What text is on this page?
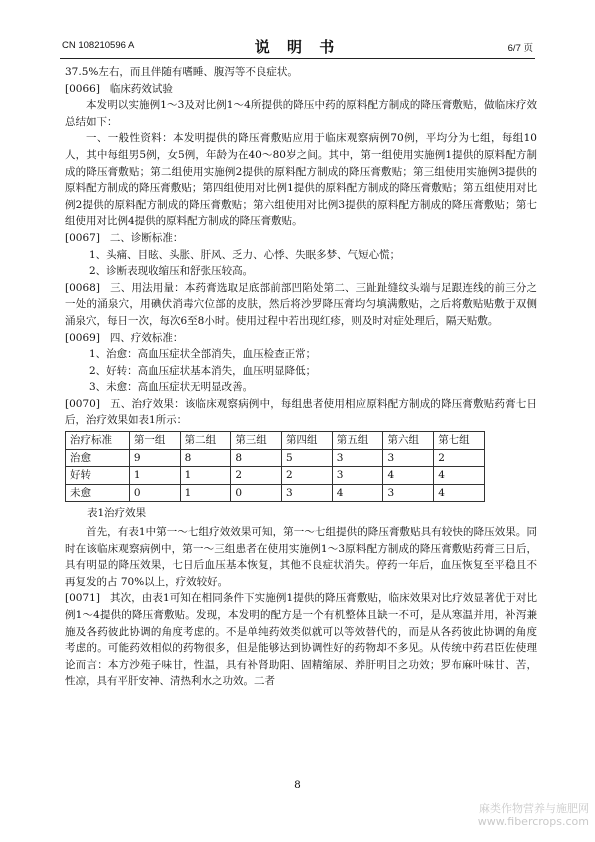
CN 108210596 A	说 明 书	6/7 页

37.5%左右，而且伴随有嗜睡、腹泻等不良症状。

[0066] 临床药效试验

本发明以实施例1～3及对比例1～4所提供的降压中药的原料配方制成的降压膏敷贴，做临床疗效总结如下：

一、一般性资料：本发明提供的降压膏敷贴应用于临床观察病例70例，平均分为七组，每组10人，其中每组男5例，女5例，年龄为在40～80岁之间。其中，第一组使用实施例1提供的原料配方制成的降压膏敷贴；第二组使用实施例2提供的原料配方制成的降压膏敷贴；第三组使用实施例3提供的原料配方制成的降压膏敷贴；第四组使用对比例1提供的原料配方制成的降压膏敷贴；第五组使用对比例2提供的原料配方制成的降压膏敷贴；第六组使用对比例3提供的原料配方制成的降压膏敷贴；第七组使用对比例4提供的原料配方制成的降压膏敷贴。

[0067] 二、诊断标准：

1、头痛、目眩、头胀、肝风、乏力、心悸、失眠多梦、气短心慌；

2、诊断表现收缩压和舒张压较高。

[0068] 三、用法用量：本药膏选取足底部前部凹陷处第二、三趾趾缝纹头端与足跟连线的前三分之一处的涌泉穴，用碘伏消毒穴位部的皮肤，然后将沙罗降压膏均匀填满敷贴，之后将敷贴贴敷于双侧涌泉穴，每日一次，每次6至8小时。使用过程中若出现红疹，则及时对症处理后，隔天贴敷。

[0069] 四、疗效标准：

1、治愈：高血压症状全部消失，血压检查正常；

2、好转：高血压症状基本消失，血压明显降低；

3、未愈：高血压症状无明显改善。

[0070] 五、治疗效果：该临床观察病例中，每组患者使用相应原料配方制成的降压膏敷贴药膏七日后，治疗效果如表1所示：

治疗标准	第一组	第二组	第三组	第四组	第五组	第六组	第七组
治愈	9	8	8	5	3	3	2
好转	1	1	2	2	3	4	4
未愈	0	1	0	3	4	3	4

表1治疗效果

首先，有表1中第一～七组疗效效果可知，第一～七组提供的降压膏敷贴具有较快的降压效果。同时在该临床观察病例中，第一～三组患者在使用实施例1～3原料配方制成的降压膏敷贴药膏三日后，具有明显的降压效果，七日后血压基本恢复，其他不良症状消失。停药一年后，血压恢复至平稳且不再复发的占 70%以上，疗效较好。

[0071] 其次，由表1可知在相同条件下实施例1提供的降压膏敷贴，临床效果对比疗效显著优于对比例1～4提供的降压膏敷贴。发现，本发明的配方是一个有机整体且缺一不可，是从寒温并用，补泻兼施及各药彼此协调的角度考虑的。不是单纯药效类似就可以等效替代的，而是从各药彼此协调的角度考虑的。可能药效相似的药物很多，但是能够达到协调性好的药物却不多见。从传统中药君臣佐使理论而言：本方沙苑子味甘，性温，具有补肾助阳、固精缩尿、养肝明目之功效；罗布麻叶味甘、苦，性凉，具有平肝安神、清热利水之功效。二者

8
麻类作物营养与施肥网
www.fibercrops.com
